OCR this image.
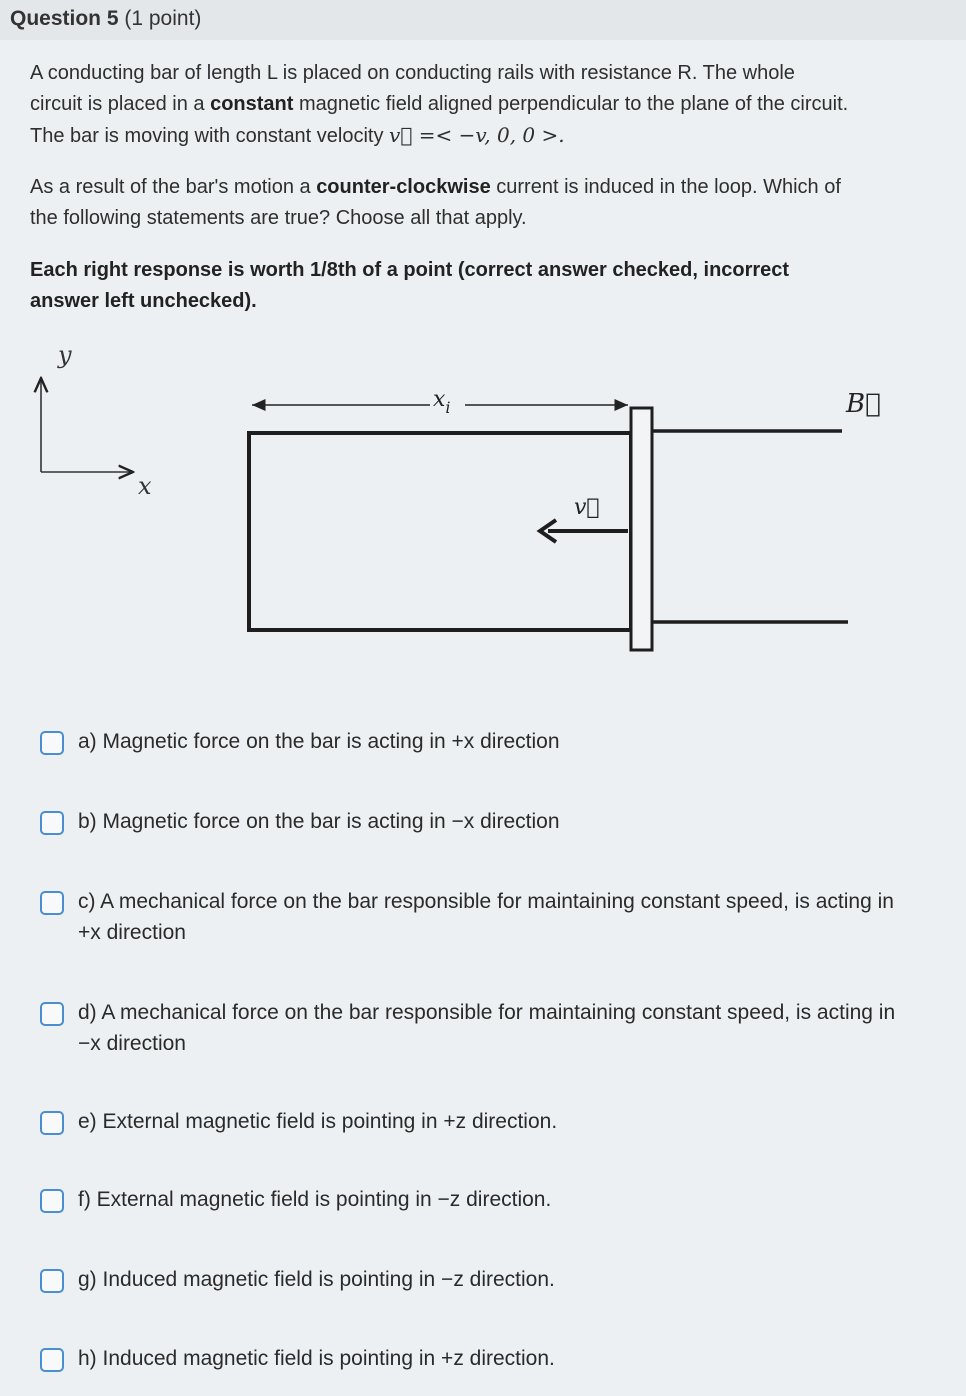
Question 5 (1 point)
A conducting bar of length L is placed on conducting rails with resistance R. The whole circuit is placed in a constant magnetic field aligned perpendicular to the plane of the circuit. The bar is moving with constant velocity v⃗ =< −v, 0, 0 >.
As a result of the bar's motion a counter-clockwise current is induced in the loop. Which of the following statements are true? Choose all that apply.
Each right response is worth 1/8th of a point (correct answer checked, incorrect answer left unchecked).
y
x
$x_i$
v⃗
B⃗
a) Magnetic force on the bar is acting in +x direction
b) Magnetic force on the bar is acting in −x direction
c) A mechanical force on the bar responsible for maintaining constant speed, is acting in +x direction
d) A mechanical force on the bar responsible for maintaining constant speed, is acting in −x direction
e) External magnetic field is pointing in +z direction.
f) External magnetic field is pointing in −z direction.
g) Induced magnetic field is pointing in −z direction.
h) Induced magnetic field is pointing in +z direction.
